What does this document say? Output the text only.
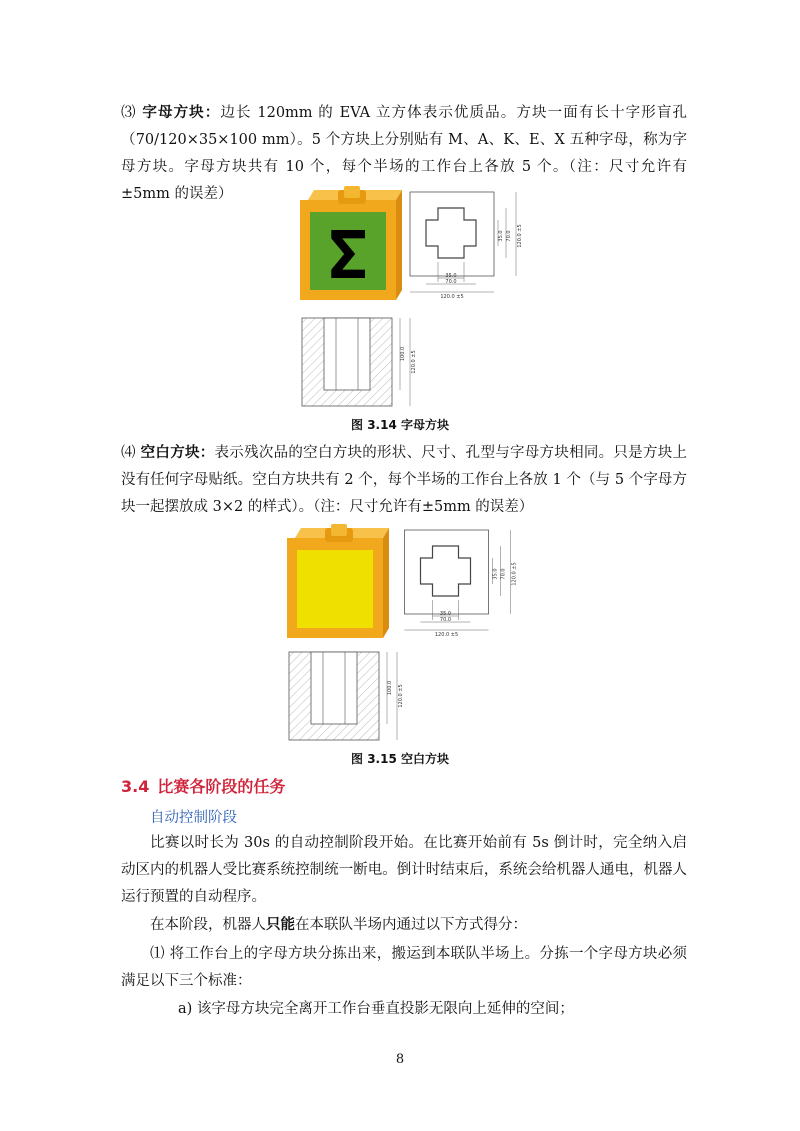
⑶ 字母方块：边长 120mm 的 EVA 立方体表示优质品。方块一面有长十字形盲孔（70/120×35×100 mm）。5 个方块上分别贴有 M、A、K、E、X 五种字母，称为字母方块。字母方块共有 10 个，每个半场的工作台上各放 5 个。（注：尺寸允许有±5mm 的误差）

Ʃ	35.0
70.0
120.0 ±5
35.0 70.0 120.0 ±5
100.0 120.0 ±5
图 3.14 字母方块

⑷ 空白方块：表示残次品的空白方块的形状、尺寸、孔型与字母方块相同。只是方块上没有任何字母贴纸。空白方块共有 2 个，每个半场的工作台上各放 1 个（与 5 个字母方块一起摆放成 3×2 的样式）。（注：尺寸允许有±5mm 的误差）

35.0
70.0
120.0 ±5
35.0 70.0 120.0 ±5
100.0 120.0 ±5
图 3.15 空白方块
3.4 比赛各阶段的任务
自动控制阶段

比赛以时长为 30s 的自动控制阶段开始。在比赛开始前有 5s 倒计时，完全纳入启动区内的机器人受比赛系统控制统一断电。倒计时结束后，系统会给机器人通电，机器人运行预置的自动程序。

在本阶段，机器人只能在本联队半场内通过以下方式得分：

⑴ 将工作台上的字母方块分拣出来，搬运到本联队半场上。分拣一个字母方块必须满足以下三个标准：

a) 该字母方块完全离开工作台垂直投影无限向上延伸的空间；

8
